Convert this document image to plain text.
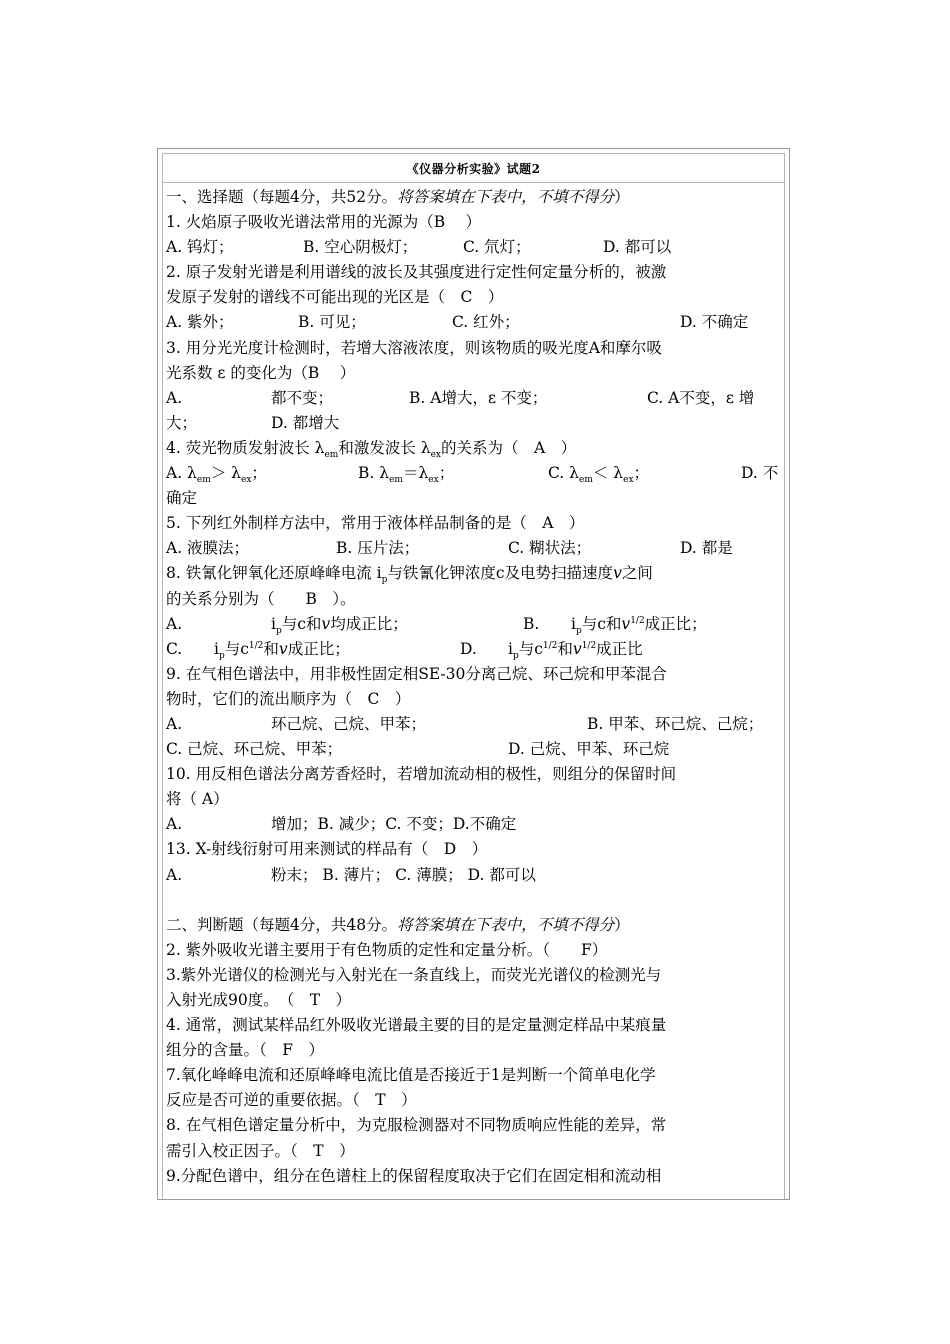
《仪器分析实验》试题2
一、选择题（每题4分，共52分。将答案填在下表中，不填不得分）
1. 火焰原子吸收光谱法常用的光源为（B　 ）
A. 钨灯；	B. 空心阴极灯；	C. 氘灯；	D. 都可以
2. 原子发射光谱是利用谱线的波长及其强度进行定性何定量分析的，被激
发原子发射的谱线不可能出现的光区是（　C　）
A. 紫外；	B. 可见；	C. 红外；	D. 不确定
3. 用分光光度计检测时，若增大溶液浓度，则该物质的吸光度A和摩尔吸
光系数 ε 的变化为（B　 ）
A.	都不变；	B. A增大，ε 不变；	C. A不变，ε 增
大；	D. 都增大
4. 荧光物质发射波长 $\lambda_{em}$和激发波长 $\lambda_{ex}$的关系为（　A　）
A. $\lambda_{em}> \lambda_{ex}$；	B. $\lambda_{em}=\lambda_{ex}$；	C. $\lambda_{em}< \lambda_{ex}$；	D. 不
确定
5. 下列红外制样方法中，常用于液体样品制备的是（　A　）
A. 液膜法；	B. 压片法；	C. 糊状法；	D. 都是
8. 铁氰化钾氧化还原峰峰电流 $i_p$与铁氰化钾浓度c及电势扫描速度v之间
的关系分别为（　　B　）。
A.	$i_p$与c和v均成正比；	B. $i_p$与c和$v^{1/2}$成正比；
C. $i_p$与$c^{1/2}$和v成正比；	D. $i_p$与$c^{1/2}$和$v^{1/2}$成正比
9. 在气相色谱法中，用非极性固定相SE-30分离己烷、环己烷和甲苯混合
物时，它们的流出顺序为（　C　）
A.	环己烷、己烷、甲苯；	B. 甲苯、环己烷、己烷；
C. 己烷、环己烷、甲苯；	D. 己烷、甲苯、环己烷
10. 用反相色谱法分离芳香烃时，若增加流动相的极性，则组分的保留时间
将（ A）
A.	增加；B. 减少；C. 不变；D.不确定
13. X-射线衍射可用来测试的样品有（　D　）
A.	粉末； B. 薄片； C. 薄膜； D. 都可以
二、判断题（每题4分，共48分。将答案填在下表中，不填不得分）
2. 紫外吸收光谱主要用于有色物质的定性和定量分析。（　　F）
3.紫外光谱仪的检测光与入射光在一条直线上，而荧光光谱仪的检测光与
入射光成90度。　（　T　）
4. 通常，测试某样品红外吸收光谱最主要的目的是定量测定样品中某痕量
组分的含量。（　F　）
7.氧化峰峰电流和还原峰峰电流比值是否接近于1是判断一个简单电化学
反应是否可逆的重要依据。（　T　）
8. 在气相色谱定量分析中，为克服检测器对不同物质响应性能的差异，常
需引入校正因子。（　T　）
9.分配色谱中，组分在色谱柱上的保留程度取决于它们在固定相和流动相
